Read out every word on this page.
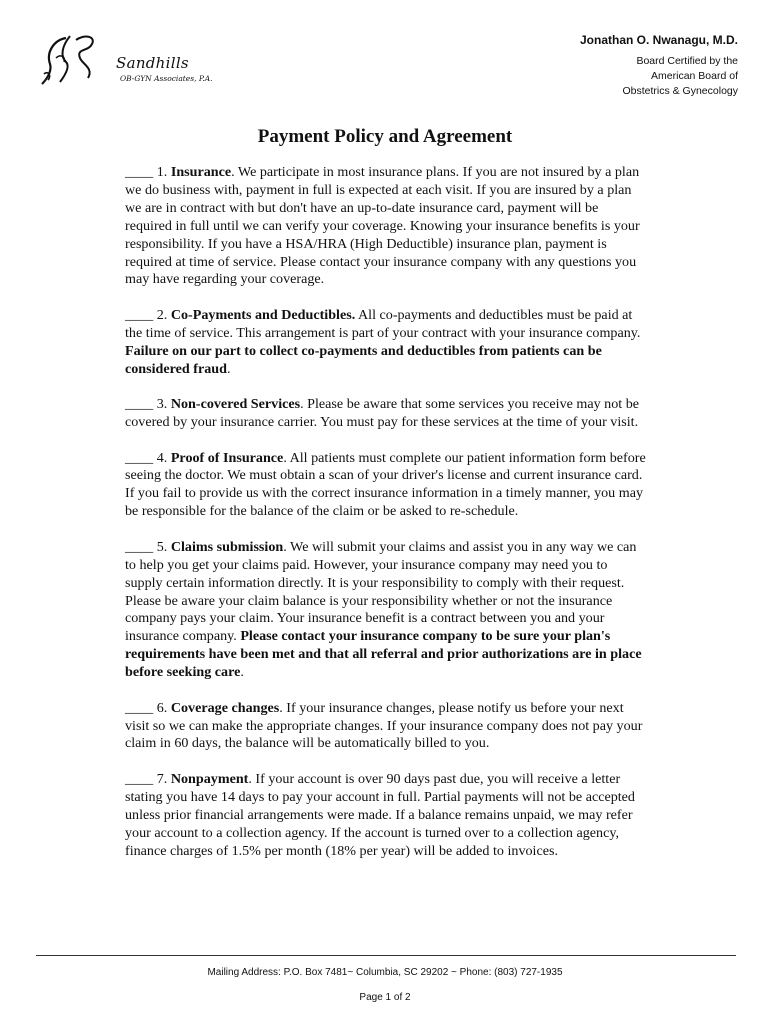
Sandhills
OB-GYN Associates, P.A.
Jonathan O. Nwanagu, M.D.
Board Certified by the
American Board of
Obstetrics & Gynecology
Payment Policy and Agreement

____ 1. Insurance. We participate in most insurance plans. If you are not insured by a plan we do business with, payment in full is expected at each visit. If you are insured by a plan we are in contract with but don't have an up-to-date insurance card, payment will be required in full until we can verify your coverage. Knowing your insurance benefits is your responsibility. If you have a HSA/HRA (High Deductible) insurance plan, payment is required at time of service. Please contact your insurance company with any questions you may have regarding your coverage.

____ 2. Co-Payments and Deductibles. All co-payments and deductibles must be paid at the time of service. This arrangement is part of your contract with your insurance company. Failure on our part to collect co-payments and deductibles from patients can be considered fraud.

____ 3. Non-covered Services. Please be aware that some services you receive may not be covered by your insurance carrier. You must pay for these services at the time of your visit.

____ 4. Proof of Insurance. All patients must complete our patient information form before seeing the doctor. We must obtain a scan of your driver's license and current insurance card. If you fail to provide us with the correct insurance information in a timely manner, you may be responsible for the balance of the claim or be asked to re-schedule.

____ 5. Claims submission. We will submit your claims and assist you in any way we can to help you get your claims paid. However, your insurance company may need you to supply certain information directly. It is your responsibility to comply with their request. Please be aware your claim balance is your responsibility whether or not the insurance company pays your claim. Your insurance benefit is a contract between you and your insurance company. Please contact your insurance company to be sure your plan's requirements have been met and that all referral and prior authorizations are in place before seeking care.

____ 6. Coverage changes. If your insurance changes, please notify us before your next visit so we can make the appropriate changes. If your insurance company does not pay your claim in 60 days, the balance will be automatically billed to you.

____ 7. Nonpayment. If your account is over 90 days past due, you will receive a letter stating you have 14 days to pay your account in full. Partial payments will not be accepted unless prior financial arrangements were made. If a balance remains unpaid, we may refer your account to a collection agency. If the account is turned over to a collection agency, finance charges of 1.5% per month (18% per year) will be added to invoices.

Mailing Address: P.O. Box 7481~ Columbia, SC 29202 ~ Phone: (803) 727-1935
Page 1 of 2
